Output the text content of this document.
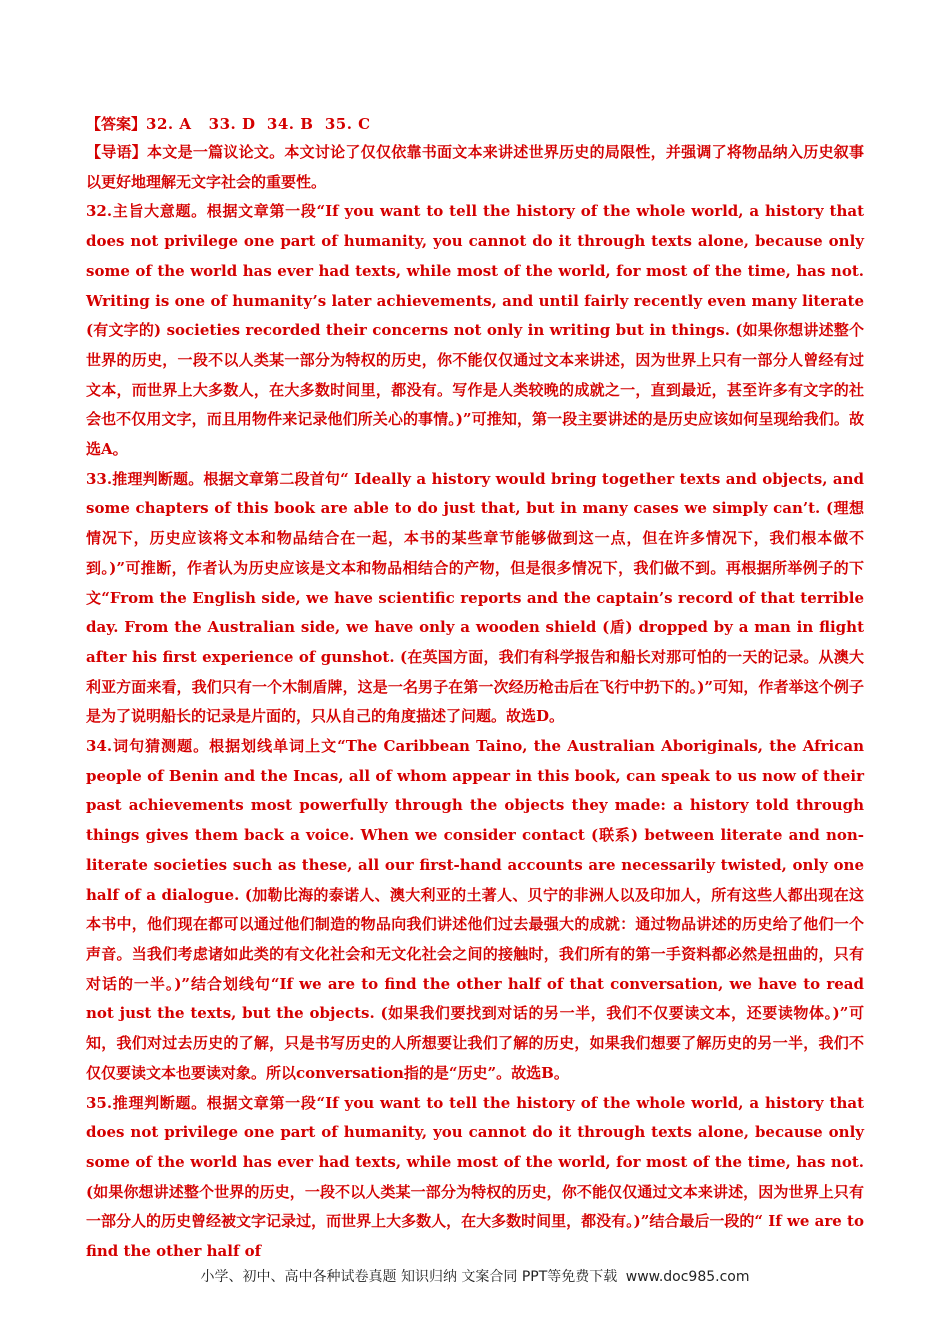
【答案】32. A   33. D  34. B  35. C

【导语】本文是一篇议论文。本文讨论了仅仅依靠书面文本来讲述世界历史的局限性，并强调了将物品纳入历史叙事以更好地理解无文字社会的重要性。

32.主旨大意题。根据文章第一段“If you want to tell the history of the whole world, a history that does not privilege one part of humanity, you cannot do it through texts alone, because only some of the world has ever had texts, while most of the world, for most of the time, has not. Writing is one of humanity’s later achievements, and until fairly recently even many literate (有文字的) societies recorded their concerns not only in writing but in things. (如果你想讲述整个世界的历史，一段不以人类某一部分为特权的历史，你不能仅仅通过文本来讲述，因为世界上只有一部分人曾经有过文本，而世界上大多数人，在大多数时间里，都没有。写作是人类较晚的成就之一，直到最近，甚至许多有文字的社会也不仅用文字，而且用物件来记录他们所关心的事情。)”可推知，第一段主要讲述的是历史应该如何呈现给我们。故选A。

33.推理判断题。根据文章第二段首句“ Ideally a history would bring together texts and objects, and some chapters of this book are able to do just that, but in many cases we simply can’t. (理想情况下，历史应该将文本和物品结合在一起，本书的某些章节能够做到这一点，但在许多情况下，我们根本做不到。)”可推断，作者认为历史应该是文本和物品相结合的产物，但是很多情况下，我们做不到。再根据所举例子的下文“From the English side, we have scientific reports and the captain’s record of that terrible day. From the Australian side, we have only a wooden shield (盾) dropped by a man in flight after his first experience of gunshot. (在英国方面，我们有科学报告和船长对那可怕的一天的记录。从澳大利亚方面来看，我们只有一个木制盾牌，这是一名男子在第一次经历枪击后在飞行中扔下的。)”可知，作者举这个例子是为了说明船长的记录是片面的，只从自己的角度描述了问题。故选D。

34.词句猜测题。根据划线单词上文“The Caribbean Taino, the Australian Aboriginals, the African people of Benin and the Incas, all of whom appear in this book, can speak to us now of their past achievements most powerfully through the objects they made: a history told through things gives them back a voice. When we consider contact (联系) between literate and non-literate societies such as these, all our first-hand accounts are necessarily twisted, only one half of a dialogue. (加勒比海的泰诺人、澳大利亚的土著人、贝宁的非洲人以及印加人，所有这些人都出现在这本书中，他们现在都可以通过他们制造的物品向我们讲述他们过去最强大的成就：通过物品讲述的历史给了他们一个声音。当我们考虑诸如此类的有文化社会和无文化社会之间的接触时，我们所有的第一手资料都必然是扭曲的，只有对话的一半。)”结合划线句“If we are to find the other half of that conversation, we have to read not just the texts, but the objects. (如果我们要找到对话的另一半，我们不仅要读文本，还要读物体。)”可知，我们对过去历史的了解，只是书写历史的人所想要让我们了解的历史，如果我们想要了解历史的另一半，我们不仅仅要读文本也要读对象。所以conversation指的是“历史”。故选B。

35.推理判断题。根据文章第一段“If you want to tell the history of the whole world, a history that does not privilege one part of humanity, you cannot do it through texts alone, because only some of the world has ever had texts, while most of the world, for most of the time, has not.(如果你想讲述整个世界的历史，一段不以人类某一部分为特权的历史，你不能仅仅通过文本来讲述，因为世界上只有一部分人的历史曾经被文字记录过，而世界上大多数人，在大多数时间里，都没有。)”结合最后一段的“ If we are to find the other half of

小学、初中、高中各种试卷真题 知识归纳 文案合同 PPT等免费下载 www.doc985.com
